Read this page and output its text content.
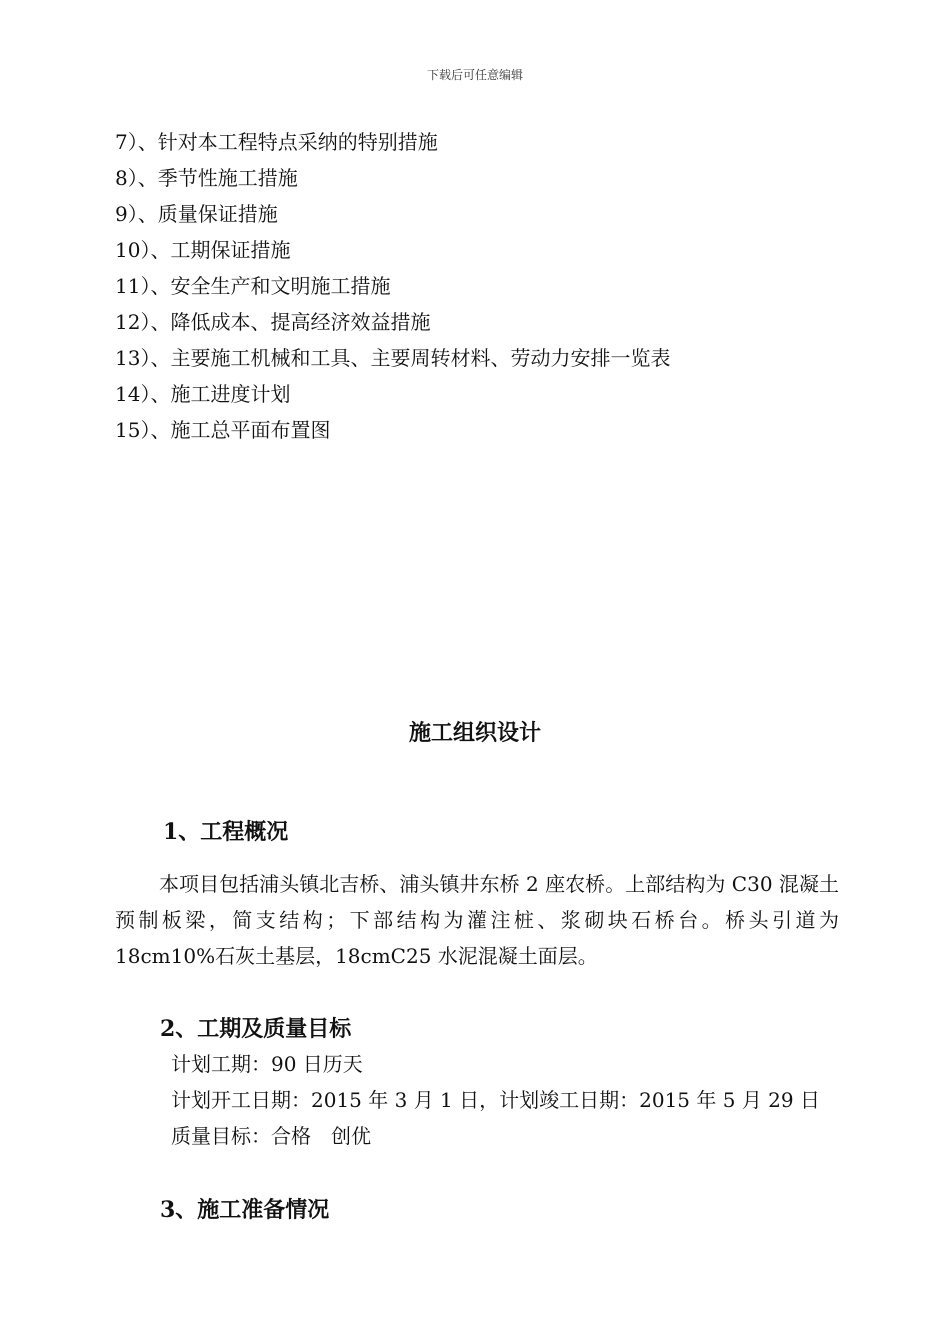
下载后可任意编辑
7）、针对本工程特点采纳的特别措施
8）、季节性施工措施
9）、质量保证措施
10）、工期保证措施
11）、安全生产和文明施工措施
12）、降低成本、提高经济效益措施
13）、主要施工机械和工具、主要周转材料、劳动力安排一览表
14）、施工进度计划
15）、施工总平面布置图
施工组织设计
1、工程概况

本项目包括浦头镇北吉桥、浦头镇井东桥 2 座农桥。上部结构为 C30 混凝土预制板梁，简支结构；下部结构为灌注桩、浆砌块石桥台。桥头引道为 18cm10%石灰土基层，18cmC25 水泥混凝土面层。

2、工期及质量目标
计划工期：90 日历天
计划开工日期：2015 年 3 月 1 日，计划竣工日期：2015 年 5 月 29 日
质量目标：合格　创优
3、施工准备情况
